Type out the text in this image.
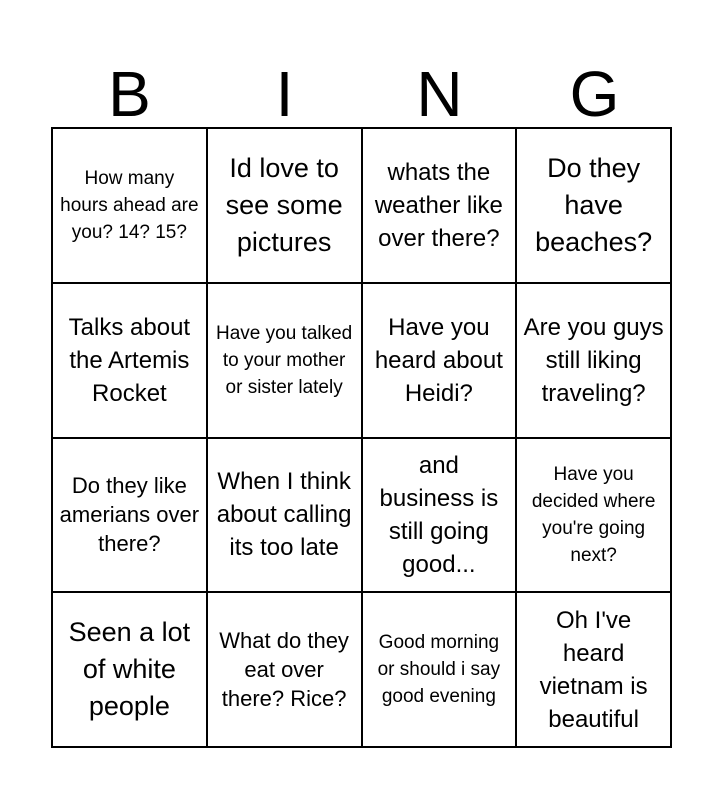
B	I	N	G
How many hours ahead are you? 14? 15?
Id love to see some pictures
whats the weather like over there?
Do they have beaches?
Talks about the Artemis Rocket
Have you talked to your mother or sister lately
Have you heard about Heidi?
Are you guys still liking traveling?
Do they like amerians over there?
When I think about calling its too late
and business is still going good...
Have you decided where you're going next?
Seen a lot of white people
What do they eat over there? Rice?
Good morning or should i say good evening
Oh I've heard vietnam is beautiful
